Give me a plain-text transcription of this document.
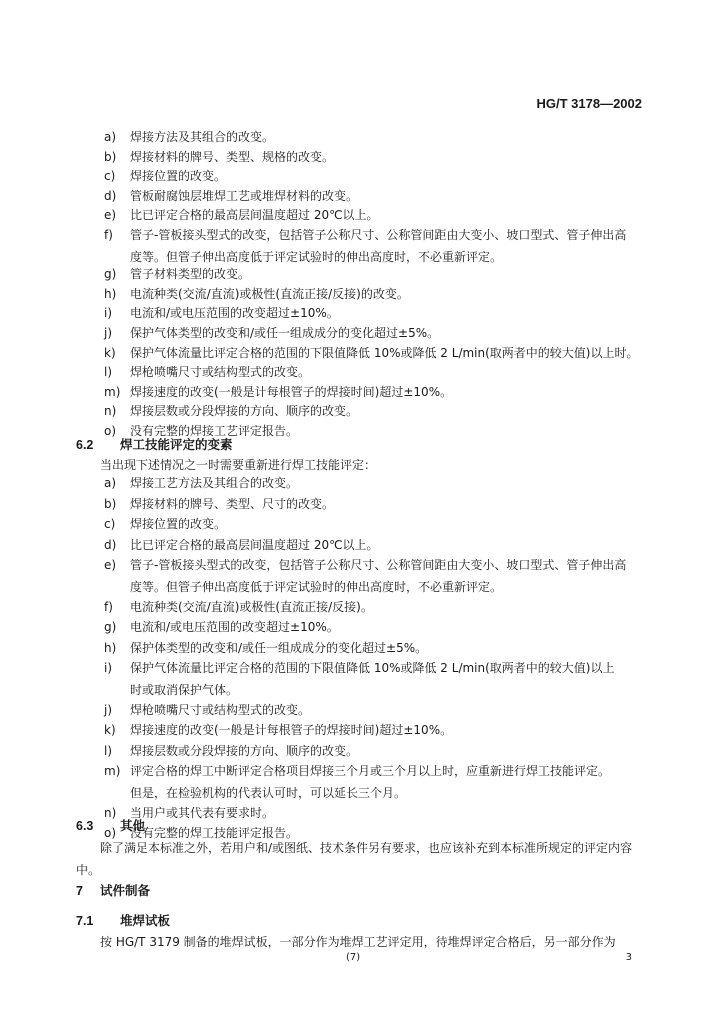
HG/T 3178—2002
a) 焊接方法及其组合的改变。
b) 焊接材料的牌号、类型、规格的改变。
c) 焊接位置的改变。
d) 管板耐腐蚀层堆焊工艺或堆焊材料的改变。
e) 比已评定合格的最高层间温度超过 20℃以上。
f) 管子-管板接头型式的改变，包括管子公称尺寸、公称管间距由大变小、坡口型式、管子伸出高
度等。但管子伸出高度低于评定试验时的伸出高度时，不必重新评定。
g) 管子材料类型的改变。
h) 电流种类(交流/直流)或极性(直流正接/反接)的改变。
i) 电流和/或电压范围的改变超过±10%。
j) 保护气体类型的改变和/或任一组成成分的变化超过±5%。
k) 保护气体流量比评定合格的范围的下限值降低 10%或降低 2 L/min(取两者中的较大值)以上时。
l) 焊枪喷嘴尺寸或结构型式的改变。
m) 焊接速度的改变(一般是计每根管子的焊接时间)超过±10%。
n) 焊接层数或分段焊接的方向、顺序的改变。
o) 没有完整的焊接工艺评定报告。
6.2 焊工技能评定的变素
当出现下述情况之一时需要重新进行焊工技能评定：
a) 焊接工艺方法及其组合的改变。
b) 焊接材料的牌号、类型、尺寸的改变。
c) 焊接位置的改变。
d) 比已评定合格的最高层间温度超过 20℃以上。
e) 管子-管板接头型式的改变，包括管子公称尺寸、公称管间距由大变小、坡口型式、管子伸出高
度等。但管子伸出高度低于评定试验时的伸出高度时，不必重新评定。
f) 电流种类(交流/直流)或极性(直流正接/反接)。
g) 电流和/或电压范围的改变超过±10%。
h) 保护体类型的改变和/或任一组成成分的变化超过±5%。
i) 保护气体流量比评定合格的范围的下限值降低 10%或降低 2 L/min(取两者中的较大值)以上
时或取消保护气体。
j) 焊枪喷嘴尺寸或结构型式的改变。
k) 焊接速度的改变(一般是计每根管子的焊接时间)超过±10%。
l) 焊接层数或分段焊接的方向、顺序的改变。
m) 评定合格的焊工中断评定合格项目焊接三个月或三个月以上时，应重新进行焊工技能评定。
但是，在检验机构的代表认可时，可以延长三个月。
n) 当用户或其代表有要求时。
o) 没有完整的焊工技能评定报告。
6.3 其他
除了满足本标准之外，若用户和/或图纸、技术条件另有要求，也应该补充到本标准所规定的评定内容中。
7 试件制备
7.1 堆焊试板
按 HG/T 3179 制备的堆焊试板，一部分作为堆焊工艺评定用，待堆焊评定合格后，另一部分作为
(7)	3
